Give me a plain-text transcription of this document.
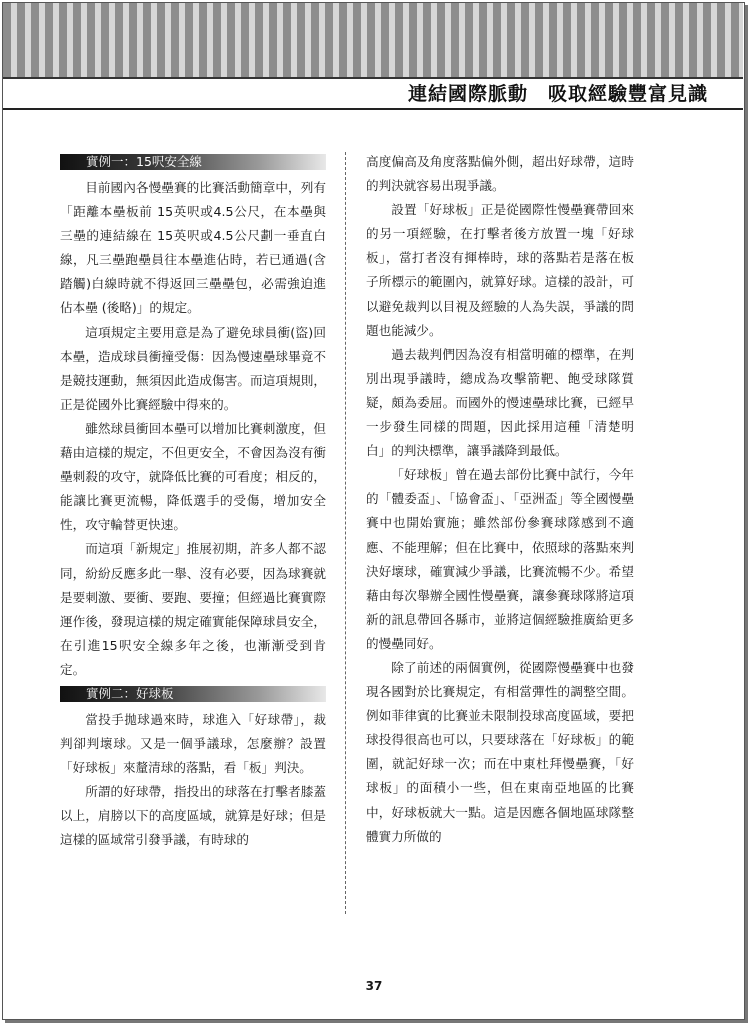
連結國際脈動　吸取經驗豐富見識
實例一：15呎安全線

目前國內各慢壘賽的比賽活動簡章中，列有「距離本壘板前 15英呎或4.5公尺，在本壘與三壘的連結線在 15英呎或4.5公尺劃一垂直白線，凡三壘跑壘員往本壘進佔時，若已通過(含踏觸)白線時就不得返回三壘壘包，必需強迫進佔本壘 (後略)」的規定。

這項規定主要用意是為了避免球員衝(盜)回本壘，造成球員衝撞受傷：因為慢速壘球畢竟不是競技運動，無須因此造成傷害。而這項規則，正是從國外比賽經驗中得來的。

雖然球員衝回本壘可以增加比賽刺激度，但藉由這樣的規定，不但更安全，不會因為沒有衝壘刺殺的攻守，就降低比賽的可看度；相反的，能讓比賽更流暢，降低選手的受傷，增加安全性，攻守輪替更快速。

而這項「新規定」推展初期，許多人都不認同，紛紛反應多此一舉、沒有必要，因為球賽就是要刺激、要衝、要跑、要撞；但經過比賽實際運作後，發現這樣的規定確實能保障球員安全，在引進15呎安全線多年之後，也漸漸受到肯定。

實例二：好球板

當投手拋球過來時，球進入「好球帶」，裁判卻判壞球。又是一個爭議球，怎麼辦？設置「好球板」來釐清球的落點，看「板」判決。

所謂的好球帶，指投出的球落在打擊者膝蓋以上，肩膀以下的高度區域，就算是好球；但是這樣的區域常引發爭議，有時球的

高度偏高及角度落點偏外側，超出好球帶，這時的判決就容易出現爭議。

設置「好球板」正是從國際性慢壘賽帶回來的另一項經驗，在打擊者後方放置一塊「好球板」，當打者沒有揮棒時，球的落點若是落在板子所標示的範圍內，就算好球。這樣的設計，可以避免裁判以目視及經驗的人為失誤，爭議的問題也能減少。

過去裁判們因為沒有相當明確的標準，在判別出現爭議時，總成為攻擊箭靶、飽受球隊質疑，頗為委屈。而國外的慢速壘球比賽，已經早一步發生同樣的問題，因此採用這種「清楚明白」的判決標準，讓爭議降到最低。

「好球板」曾在過去部份比賽中試行，今年的「體委盃」、「協會盃」、「亞洲盃」等全國慢壘賽中也開始實施；雖然部份參賽球隊感到不適應、不能理解；但在比賽中，依照球的落點來判決好壞球，確實減少爭議，比賽流暢不少。希望藉由每次舉辦全國性慢壘賽，讓參賽球隊將這項新的訊息帶回各縣市，並將這個經驗推廣給更多的慢壘同好。

除了前述的兩個實例，從國際慢壘賽中也發現各國對於比賽規定，有相當彈性的調整空間。例如菲律賓的比賽並未限制投球高度區域，要把球投得很高也可以，只要球落在「好球板」的範圍，就記好球一次；而在中東杜拜慢壘賽，「好球板」的面積小一些，但在東南亞地區的比賽中，好球板就大一點。這是因應各個地區球隊整體實力所做的

37
